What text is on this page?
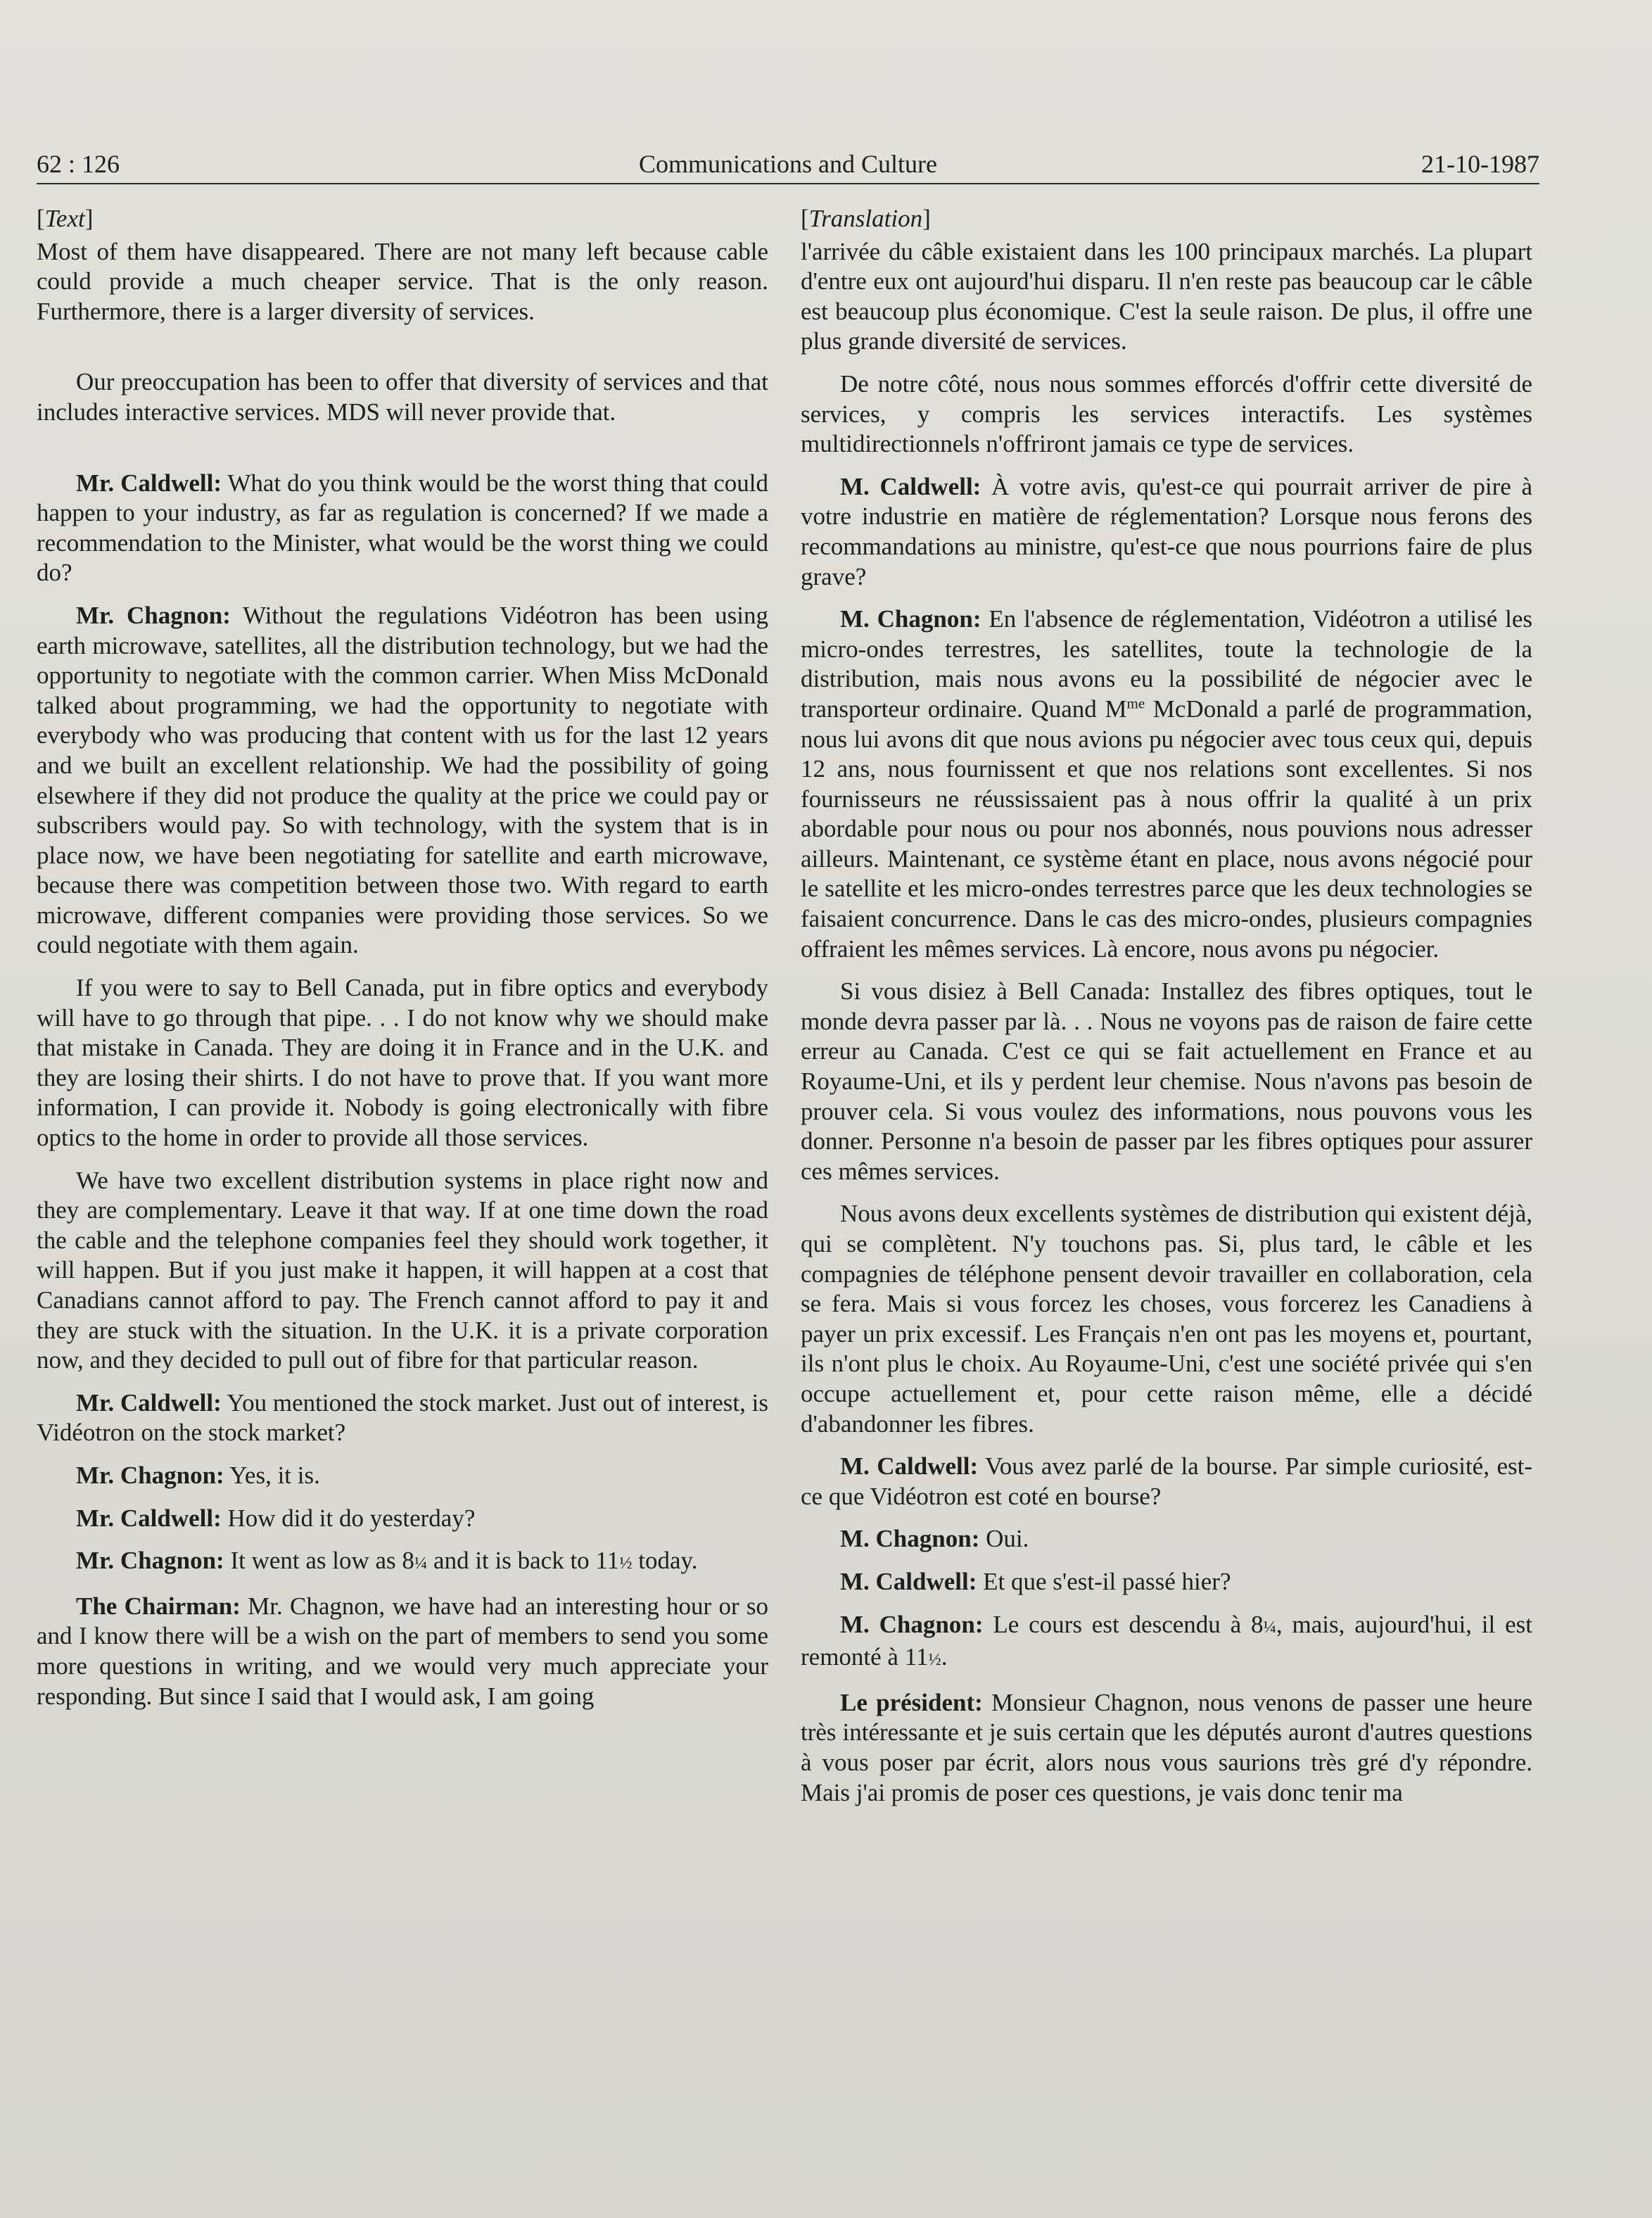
62 : 126	Communications and Culture	21-10-1987
[Text]

Most of them have disappeared. There are not many left because cable could provide a much cheaper service. That is the only reason. Furthermore, there is a larger diversity of services.

Our preoccupation has been to offer that diversity of services and that includes interactive services. MDS will never provide that.

Mr. Caldwell: What do you think would be the worst thing that could happen to your industry, as far as regulation is concerned? If we made a recommendation to the Minister, what would be the worst thing we could do?

Mr. Chagnon: Without the regulations Vidéotron has been using earth microwave, satellites, all the distribution technology, but we had the opportunity to negotiate with the common carrier. When Miss McDonald talked about programming, we had the opportunity to negotiate with everybody who was producing that content with us for the last 12 years and we built an excellent relationship. We had the possibility of going elsewhere if they did not produce the quality at the price we could pay or subscribers would pay. So with technology, with the system that is in place now, we have been negotiating for satellite and earth microwave, because there was competition between those two. With regard to earth microwave, different companies were providing those services. So we could negotiate with them again.

If you were to say to Bell Canada, put in fibre optics and everybody will have to go through that pipe. . . I do not know why we should make that mistake in Canada. They are doing it in France and in the U.K. and they are losing their shirts. I do not have to prove that. If you want more information, I can provide it. Nobody is going electronically with fibre optics to the home in order to provide all those services.

We have two excellent distribution systems in place right now and they are complementary. Leave it that way. If at one time down the road the cable and the telephone companies feel they should work together, it will happen. But if you just make it happen, it will happen at a cost that Canadians cannot afford to pay. The French cannot afford to pay it and they are stuck with the situation. In the U.K. it is a private corporation now, and they decided to pull out of fibre for that particular reason.

Mr. Caldwell: You mentioned the stock market. Just out of interest, is Vidéotron on the stock market?

Mr. Chagnon: Yes, it is.

Mr. Caldwell: How did it do yesterday?

Mr. Chagnon: It went as low as 8¼ and it is back to 11½ today.

The Chairman: Mr. Chagnon, we have had an interesting hour or so and I know there will be a wish on the part of members to send you some more questions in writing, and we would very much appreciate your responding. But since I said that I would ask, I am going

[Translation]

l'arrivée du câble existaient dans les 100 principaux marchés. La plupart d'entre eux ont aujourd'hui disparu. Il n'en reste pas beaucoup car le câble est beaucoup plus économique. C'est la seule raison. De plus, il offre une plus grande diversité de services.

De notre côté, nous nous sommes efforcés d'offrir cette diversité de services, y compris les services interactifs. Les systèmes multidirectionnels n'offriront jamais ce type de services.

M. Caldwell: À votre avis, qu'est-ce qui pourrait arriver de pire à votre industrie en matière de réglementation? Lorsque nous ferons des recommandations au ministre, qu'est-ce que nous pourrions faire de plus grave?

M. Chagnon: En l'absence de réglementation, Vidéotron a utilisé les micro-ondes terrestres, les satellites, toute la technologie de la distribution, mais nous avons eu la possibilité de négocier avec le transporteur ordinaire. Quand $M^{me}$ McDonald a parlé de programmation, nous lui avons dit que nous avions pu négocier avec tous ceux qui, depuis 12 ans, nous fournissent et que nos relations sont excellentes. Si nos fournisseurs ne réussissaient pas à nous offrir la qualité à un prix abordable pour nous ou pour nos abonnés, nous pouvions nous adresser ailleurs. Maintenant, ce système étant en place, nous avons négocié pour le satellite et les micro-ondes terrestres parce que les deux technologies se faisaient concurrence. Dans le cas des micro-ondes, plusieurs compagnies offraient les mêmes services. Là encore, nous avons pu négocier.

Si vous disiez à Bell Canada: Installez des fibres optiques, tout le monde devra passer par là. . . Nous ne voyons pas de raison de faire cette erreur au Canada. C'est ce qui se fait actuellement en France et au Royaume-Uni, et ils y perdent leur chemise. Nous n'avons pas besoin de prouver cela. Si vous voulez des informations, nous pouvons vous les donner. Personne n'a besoin de passer par les fibres optiques pour assurer ces mêmes services.

Nous avons deux excellents systèmes de distribution qui existent déjà, qui se complètent. N'y touchons pas. Si, plus tard, le câble et les compagnies de téléphone pensent devoir travailler en collaboration, cela se fera. Mais si vous forcez les choses, vous forcerez les Canadiens à payer un prix excessif. Les Français n'en ont pas les moyens et, pourtant, ils n'ont plus le choix. Au Royaume-Uni, c'est une société privée qui s'en occupe actuellement et, pour cette raison même, elle a décidé d'abandonner les fibres.

M. Caldwell: Vous avez parlé de la bourse. Par simple curiosité, est-ce que Vidéotron est coté en bourse?

M. Chagnon: Oui.

M. Caldwell: Et que s'est-il passé hier?

M. Chagnon: Le cours est descendu à 8¼, mais, aujourd'hui, il est remonté à 11½.

Le président: Monsieur Chagnon, nous venons de passer une heure très intéressante et je suis certain que les députés auront d'autres questions à vous poser par écrit, alors nous vous saurions très gré d'y répondre. Mais j'ai promis de poser ces questions, je vais donc tenir ma
